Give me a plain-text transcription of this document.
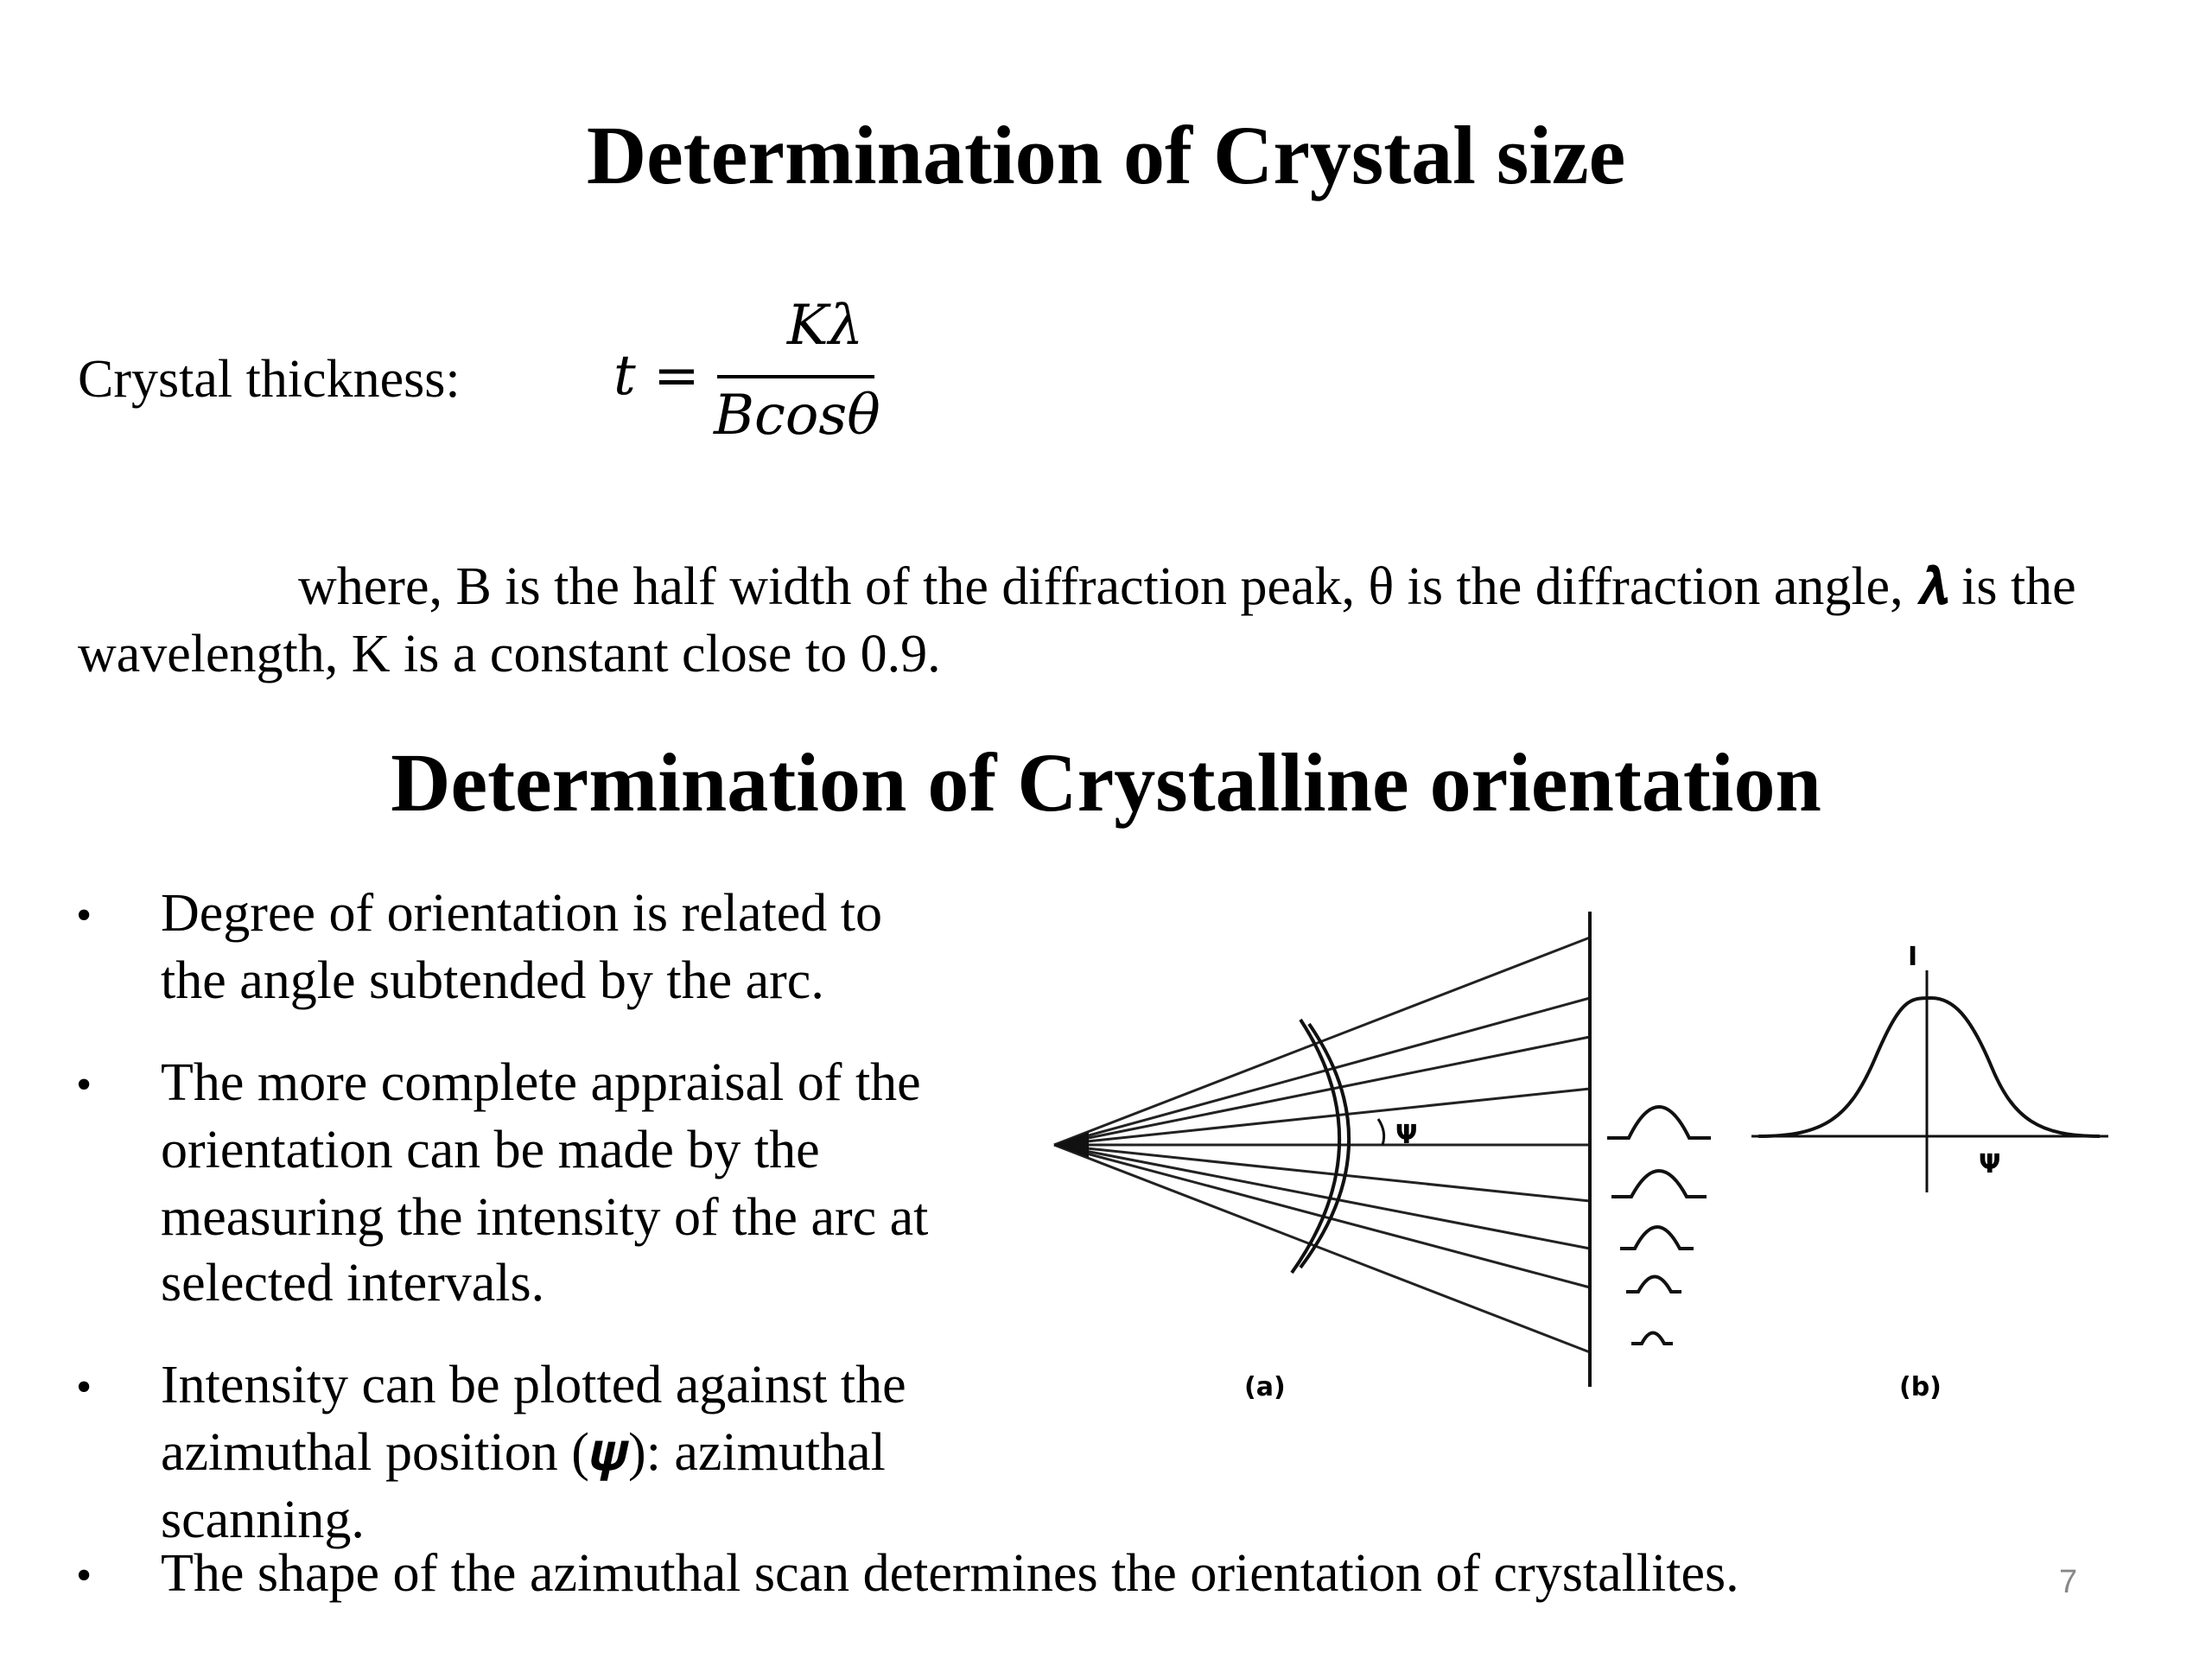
Determination of Crystal size
Crystal thickness:	t =
Kλ
Bcosθ
where, B is the half width of the diffraction peak, θ is the diffraction angle, 𝝀 is the
wavelength, K is a constant close to 0.9.
Determination of Crystalline orientation
• Degree of orientation is related to
the angle subtended by the arc.
• The more complete appraisal of the
orientation can be made by the
measuring the intensity of the arc at
selected intervals.
• Intensity can be plotted against the
azimuthal position (𝝍): azimuthal
scanning.
• The shape of the azimuthal scan determines the orientation of crystallites.
Ψ
I
Ψ
(a)	(b)
7
